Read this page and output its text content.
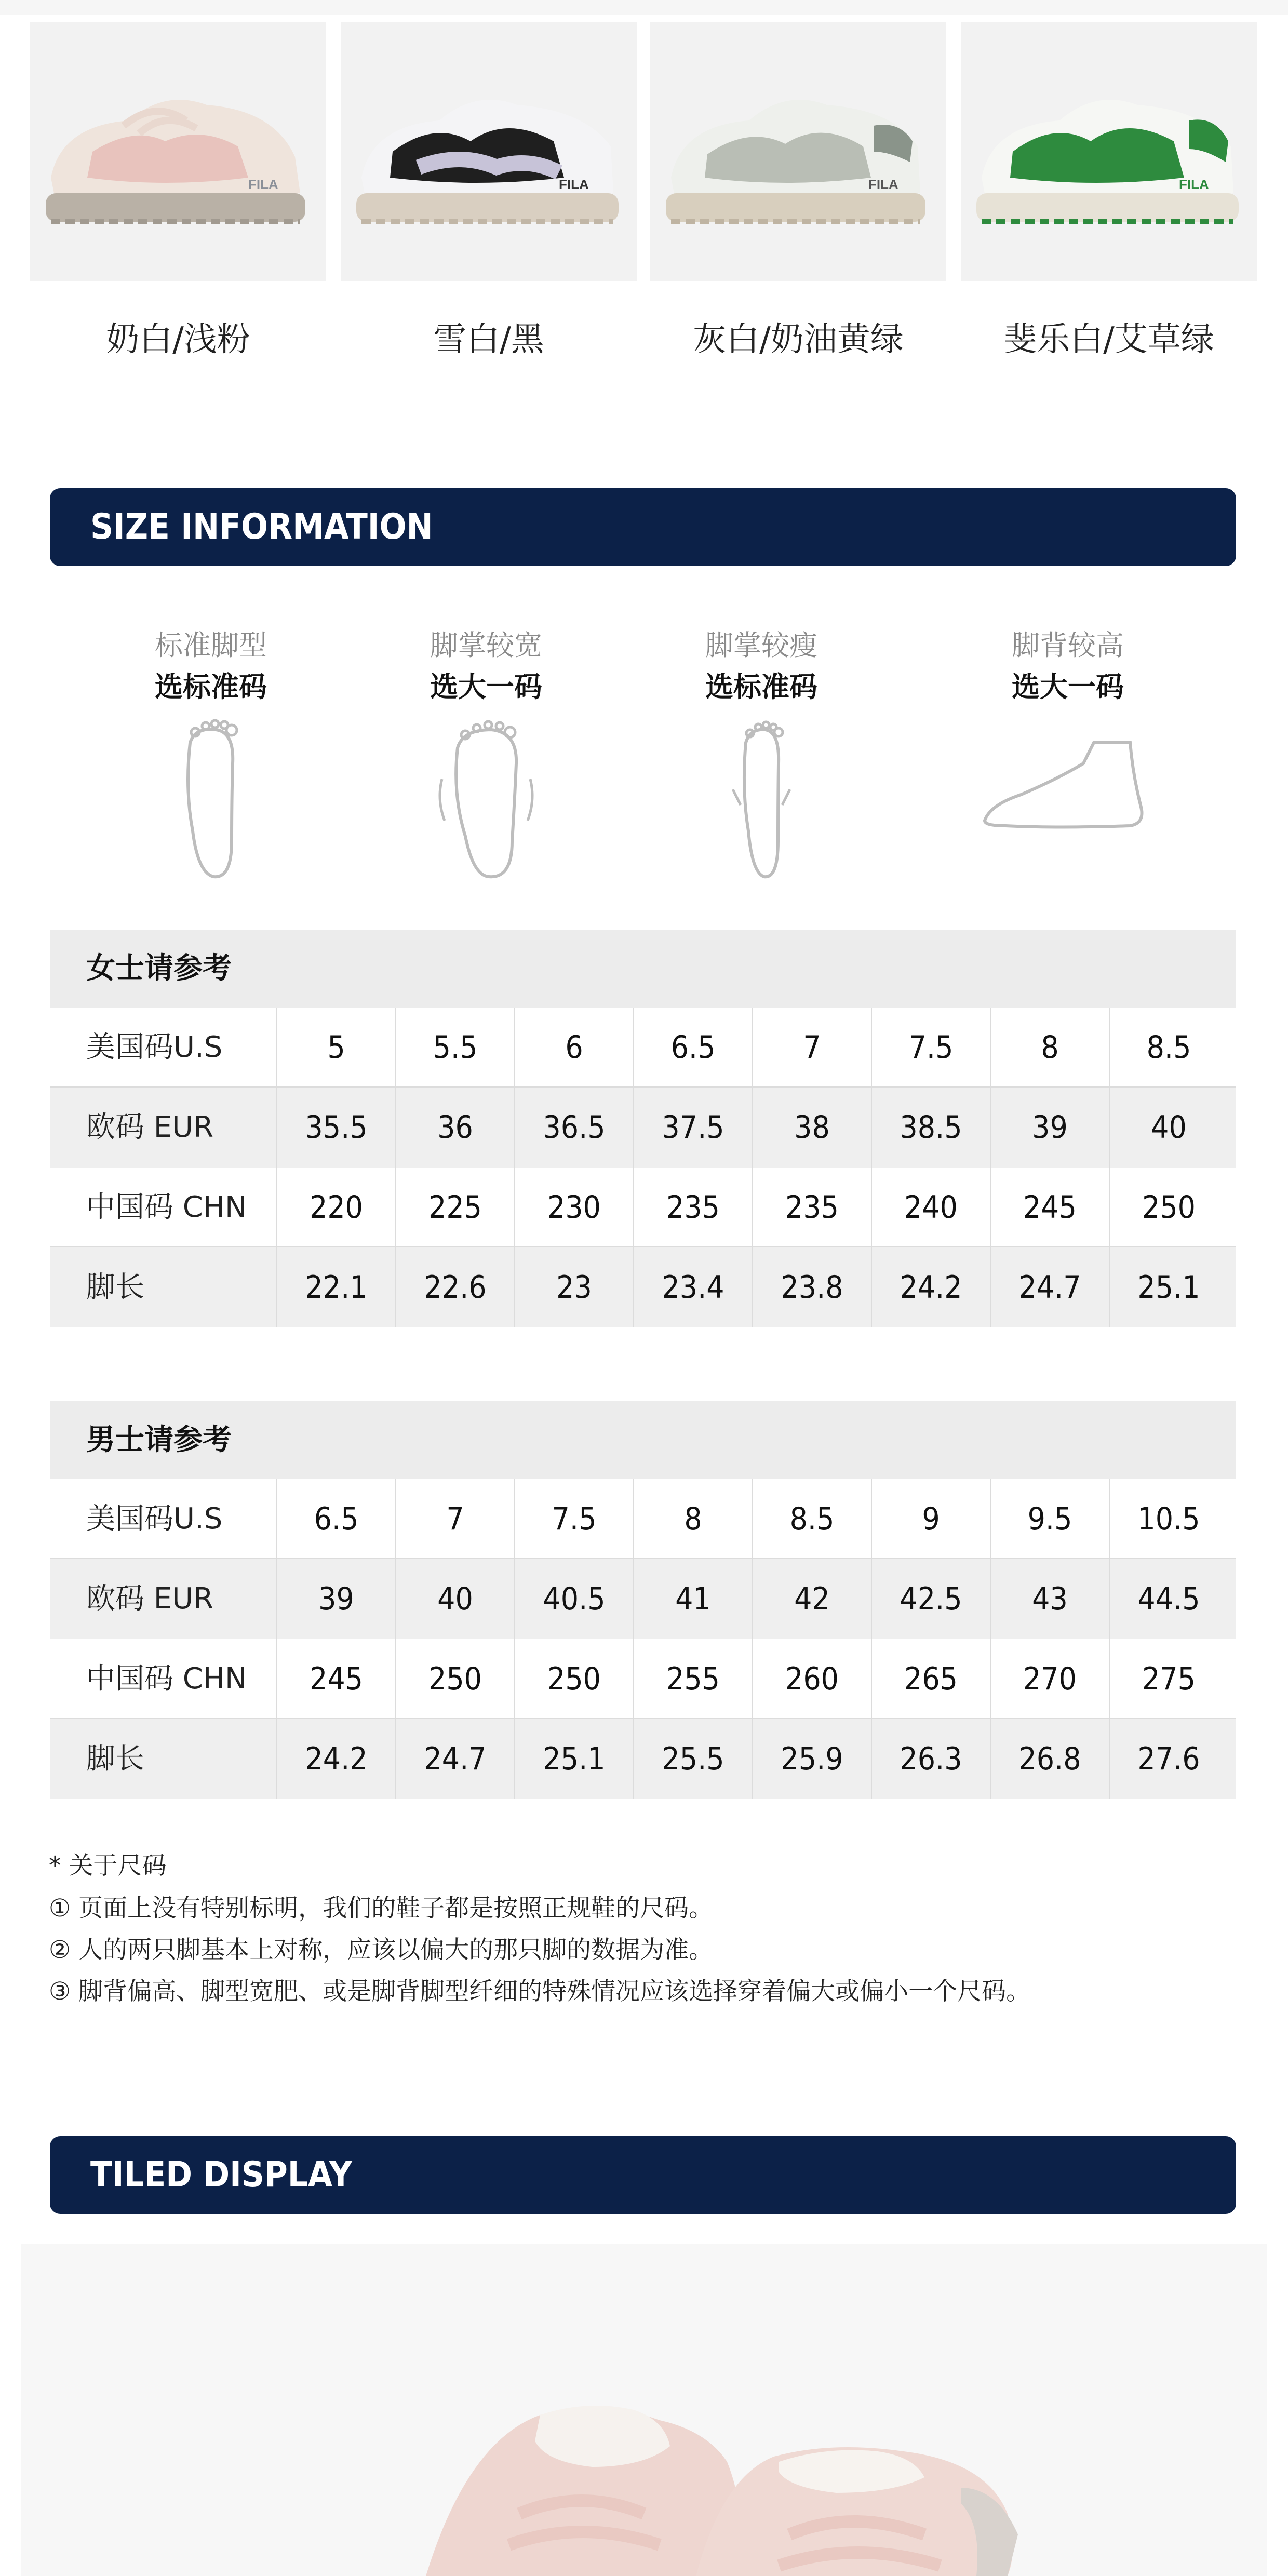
FILA
奶白/浅粉
FILA
雪白/黑
FILA
灰白/奶油黄绿
FILA
斐乐白/艾草绿
SIZE INFORMATION
标准脚型
选标准码
脚掌较宽
选大一码
脚掌较瘦
选标准码
脚背较高
选大一码
女士请参考
美国码U.S	5	5.5	6	6.5	7	7.5	8	8.5
欧码 EUR	35.5	36	36.5	37.5	38	38.5	39	40
中国码 CHN	220	225	230	235	235	240	245	250
脚长	22.1	22.6	23	23.4	23.8	24.2	24.7	25.1
男士请参考
美国码U.S	6.5	7	7.5	8	8.5	9	9.5	10.5
欧码 EUR	39	40	40.5	41	42	42.5	43	44.5
中国码 CHN	245	250	250	255	260	265	270	275
脚长	24.2	24.7	25.1	25.5	25.9	26.3	26.8	27.6
* 关于尺码
① 页面上没有特别标明，我们的鞋子都是按照正规鞋的尺码。
② 人的两只脚基本上对称，应该以偏大的那只脚的数据为准。
③ 脚背偏高、脚型宽肥、或是脚背脚型纤细的特殊情况应该选择穿着偏大或偏小一个尺码。
TILED DISPLAY
